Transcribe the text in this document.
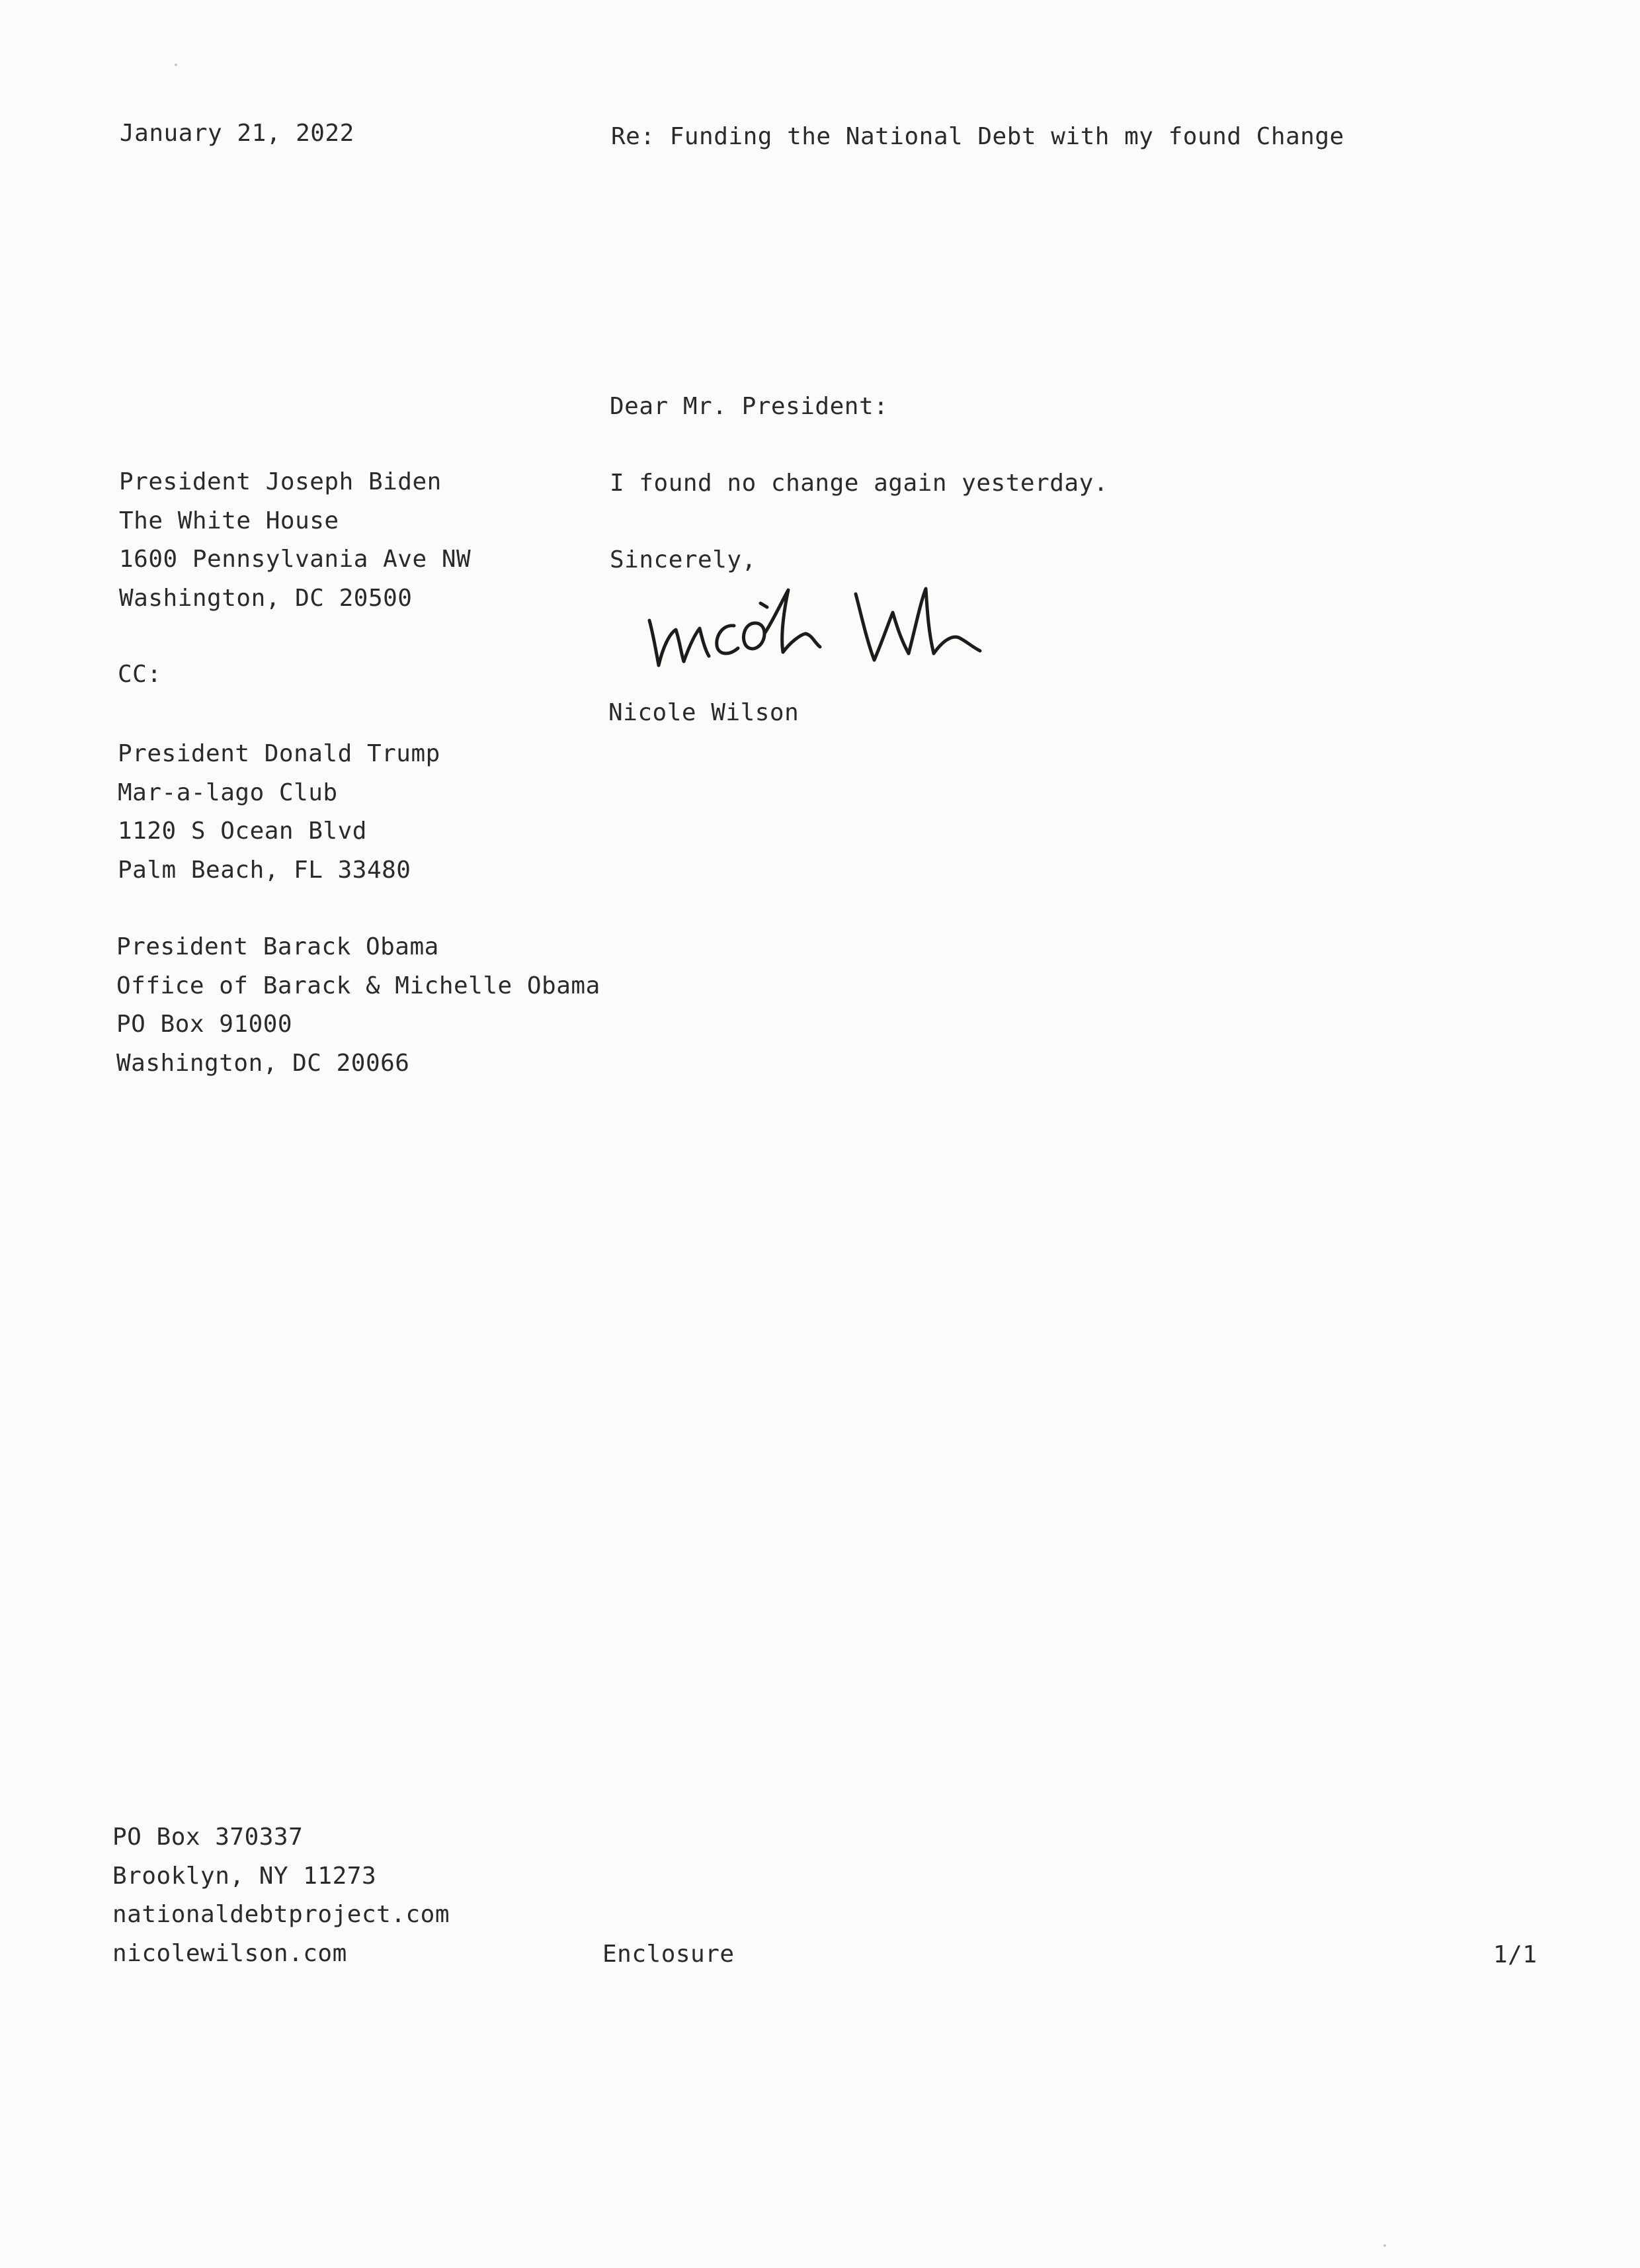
January 21, 2022	Re: Funding the National Debt with my found Change
Dear Mr. President:
President Joseph Biden
The White House
1600 Pennsylvania Ave NW
Washington, DC 20500
I found no change again yesterday.
Sincerely,
Nicole Wilson
CC:
President Donald Trump
Mar-a-lago Club
1120 S Ocean Blvd
Palm Beach, FL 33480
President Barack Obama
Office of Barack & Michelle Obama
PO Box 91000
Washington, DC 20066
PO Box 370337
Brooklyn, NY 11273
nationaldebtproject.com
nicolewilson.com	Enclosure	1/1
